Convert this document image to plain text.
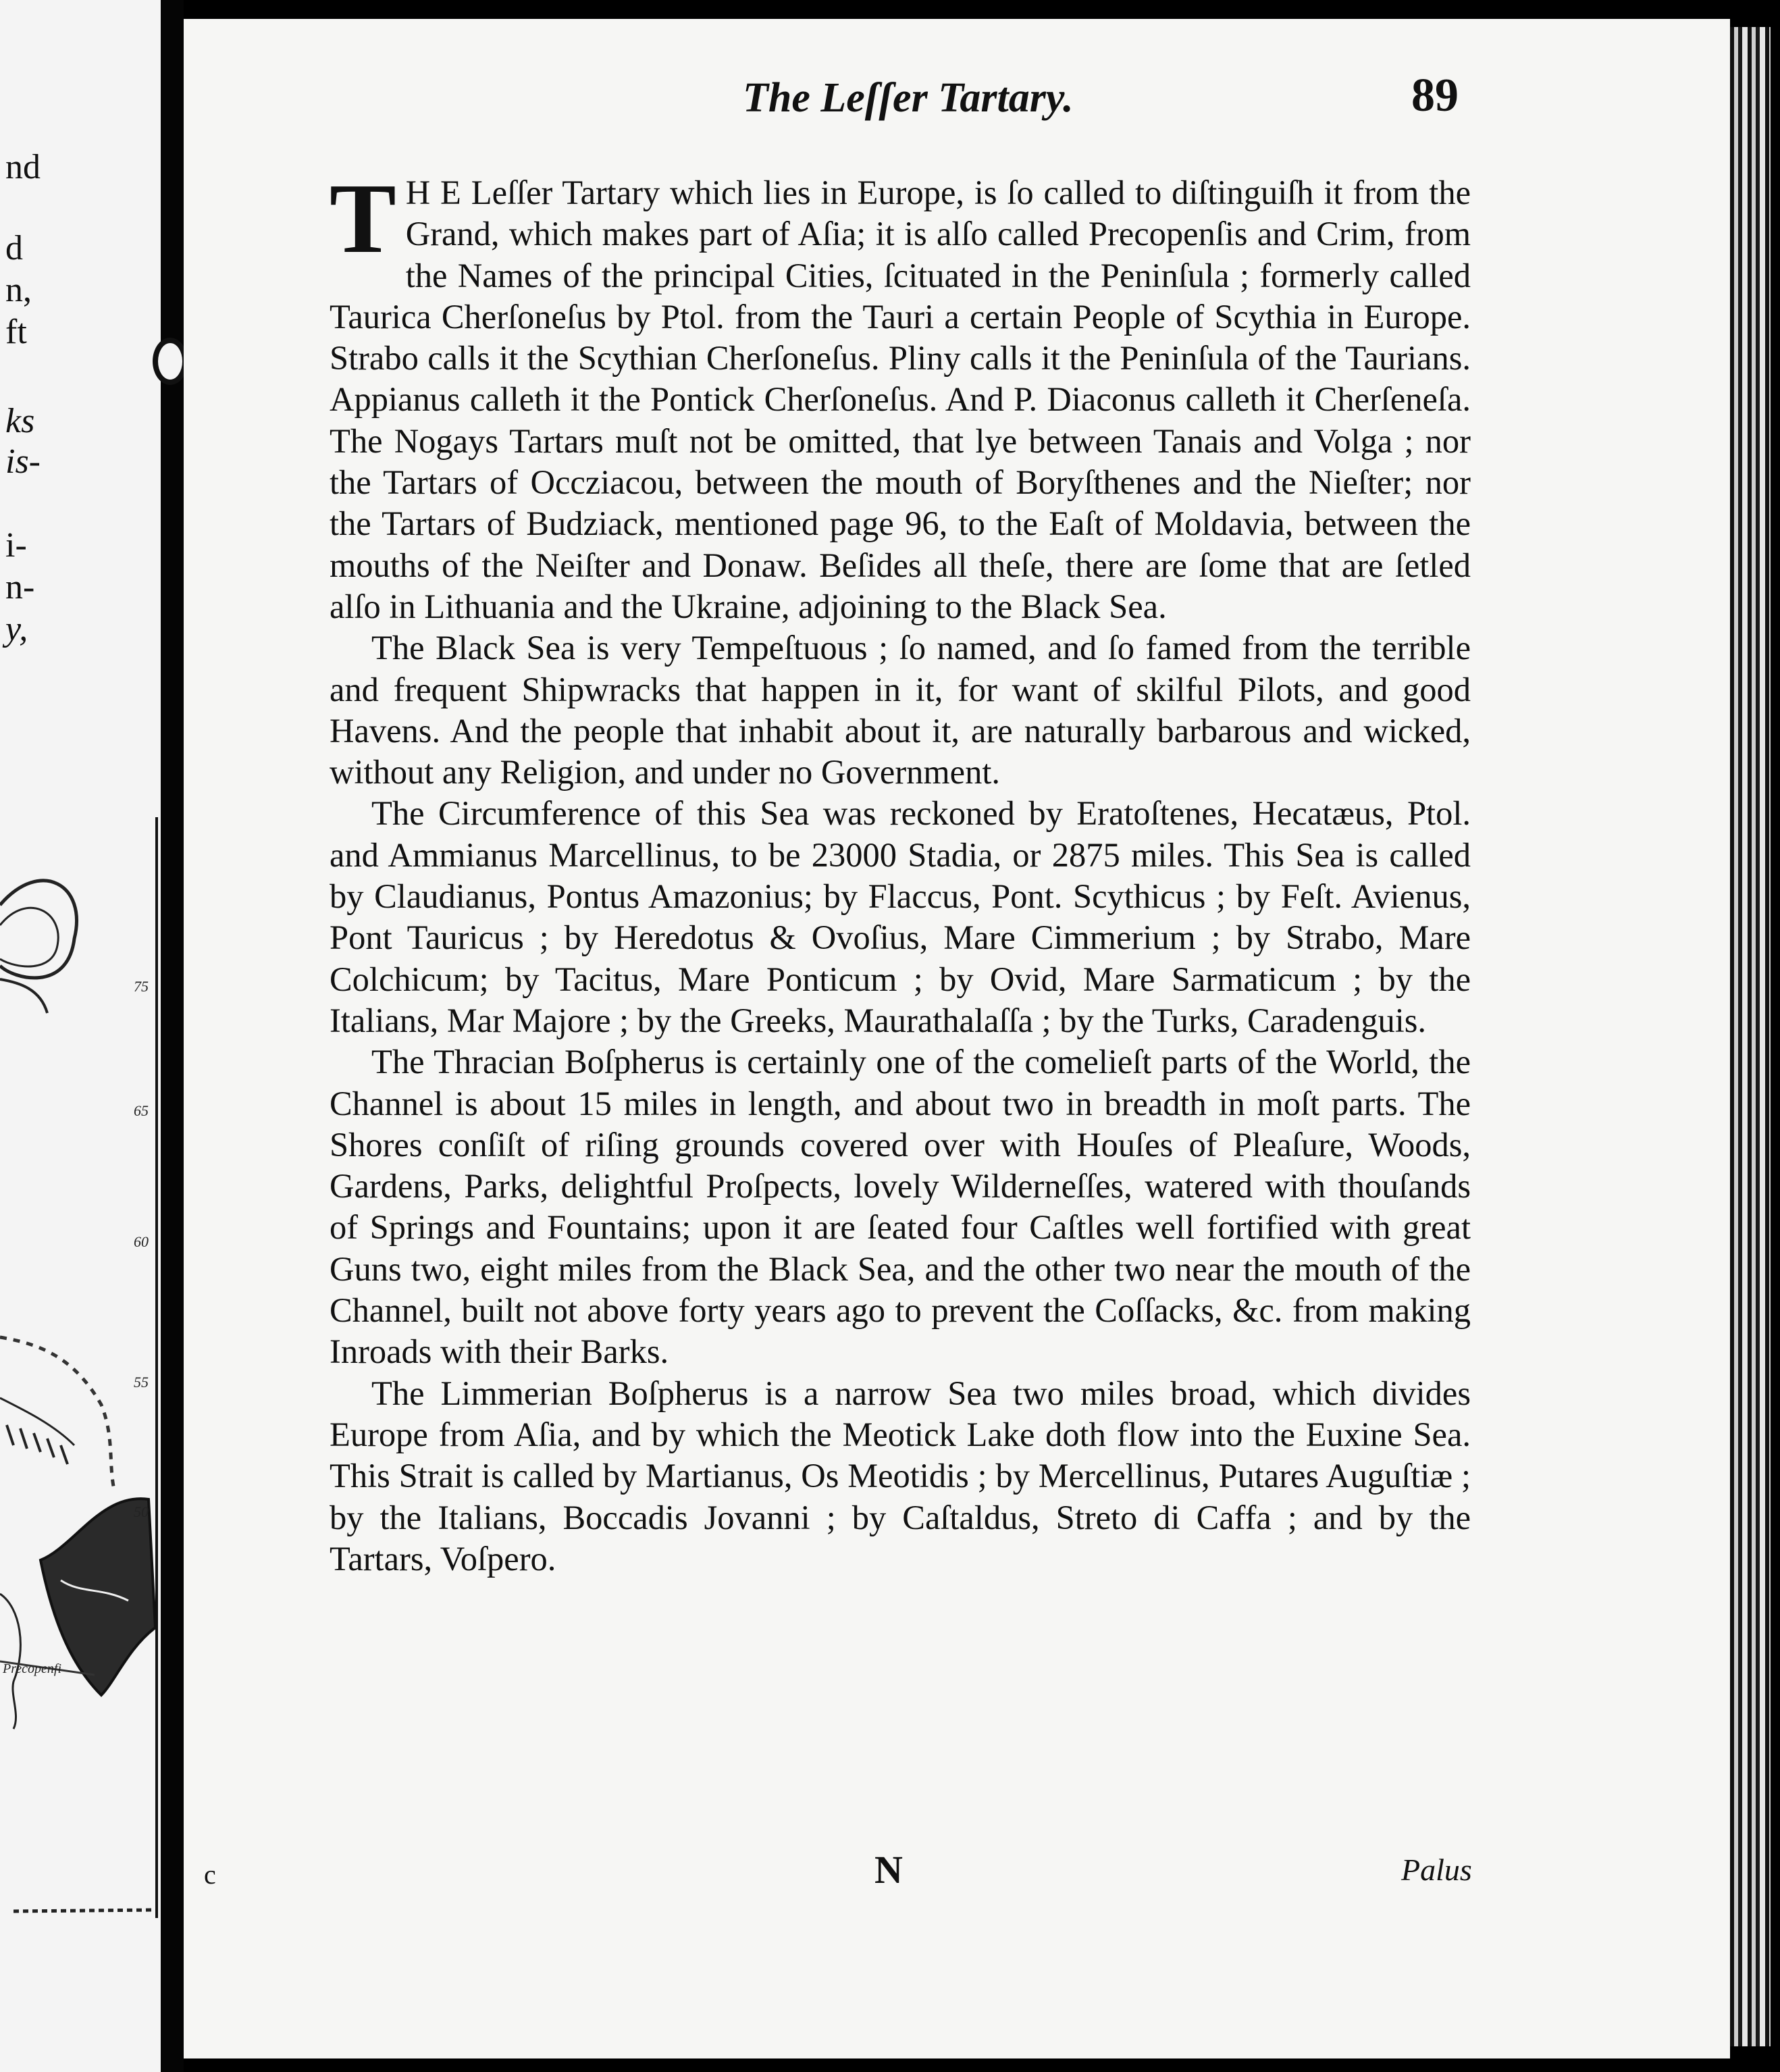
nd
d
n,
ft
ks
is-
i-
n-
y,
75
65
60
55
50
Precopenfi
The Leſſer Tartary.	89

T H E Leſſer Tartary which lies in Europe, is ſo called to diſtinguiſh it from the Grand, which makes part of Aſia; it is alſo called Precopenſis and Crim, from the Names of the principal Cities, ſcituated in the Peninſula ; formerly called Taurica Cherſoneſus by Ptol. from the Tauri a certain People of Scythia in Europe. Strabo calls it the Scythian Cherſoneſus. Pliny calls it the Peninſula of the Taurians. Appianus calleth it the Pontick Cherſoneſus. And P. Diaconus calleth it Cherſeneſa. The Nogays Tartars muſt not be omitted, that lye between Tanais and Volga ; nor the Tartars of Occziacou, between the mouth of Boryſthenes and the Nieſter; nor the Tartars of Budziack, mentioned page 96, to the Eaſt of Moldavia, between the mouths of the Neiſter and Donaw. Beſides all theſe, there are ſome that are ſetled alſo in Lithuania and the Ukraine, adjoining to the Black Sea.

The Black Sea is very Tempeſtuous ; ſo named, and ſo famed from the terrible and frequent Shipwracks that happen in it, for want of skilful Pilots, and good Havens. And the people that inhabit about it, are naturally barbarous and wicked, without any Religion, and under no Government.

The Circumference of this Sea was reckoned by Eratoſtenes, Hecatæus, Ptol. and Ammianus Marcellinus, to be 23000 Stadia, or 2875 miles. This Sea is called by Claudianus, Pontus Amazonius; by Flaccus, Pont. Scythicus ; by Feſt. Avienus, Pont Tauricus ; by Heredotus & Ovoſius, Mare Cimmerium ; by Strabo, Mare Colchicum; by Tacitus, Mare Ponticum ; by Ovid, Mare Sarmaticum ; by the Italians, Mar Majore ; by the Greeks, Maurathalaſſa ; by the Turks, Caradenguis.

The Thracian Boſpherus is certainly one of the comelieſt parts of the World, the Channel is about 15 miles in length, and about two in breadth in moſt parts. The Shores conſiſt of riſing grounds covered over with Houſes of Pleaſure, Woods, Gardens, Parks, delightful Proſpects, lovely Wilderneſſes, watered with thouſands of Springs and Fountains; upon it are ſeated four Caſtles well fortified with great Guns two, eight miles from the Black Sea, and the other two near the mouth of the Channel, built not above forty years ago to prevent the Coſſacks, &c. from making Inroads with their Barks.

The Limmerian Boſpherus is a narrow Sea two miles broad, which divides Europe from Aſia, and by which the Meotick Lake doth flow into the Euxine Sea. This Strait is called by Martianus, Os Meotidis ; by Mercellinus, Putares Auguſtiæ ; by the Italians, Boccadis Jovanni ; by Caſtaldus, Streto di Caffa ; and by the Tartars, Voſpero.

c	N	Palus
